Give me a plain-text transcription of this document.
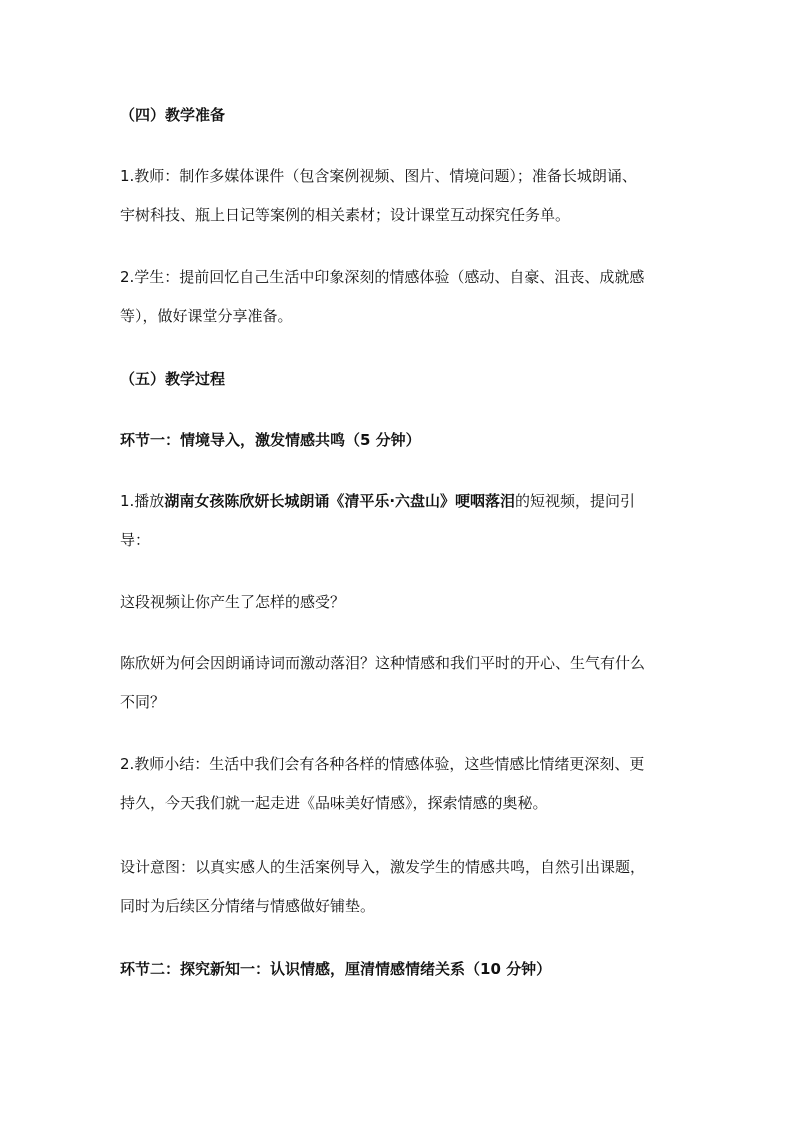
（四）教学准备

1.教师：制作多媒体课件（包含案例视频、图片、情境问题）；准备长城朗诵、
宇树科技、瓶上日记等案例的相关素材；设计课堂互动探究任务单。
2.学生：提前回忆自己生活中印象深刻的情感体验（感动、自豪、沮丧、成就感
等），做好课堂分享准备。

（五）教学过程

环节一：情境导入，激发情感共鸣（5 分钟）

1.播放湖南女孩陈欣妍长城朗诵《清平乐·六盘山》哽咽落泪的短视频，提问引
导：

这段视频让你产生了怎样的感受？

陈欣妍为何会因朗诵诗词而激动落泪？这种情感和我们平时的开心、生气有什么
不同？
2.教师小结：生活中我们会有各种各样的情感体验，这些情感比情绪更深刻、更
持久，今天我们就一起走进《品味美好情感》，探索情感的奥秘。
设计意图：以真实感人的生活案例导入，激发学生的情感共鸣，自然引出课题，
同时为后续区分情绪与情感做好铺垫。

环节二：探究新知一：认识情感，厘清情感情绪关系（10 分钟）
